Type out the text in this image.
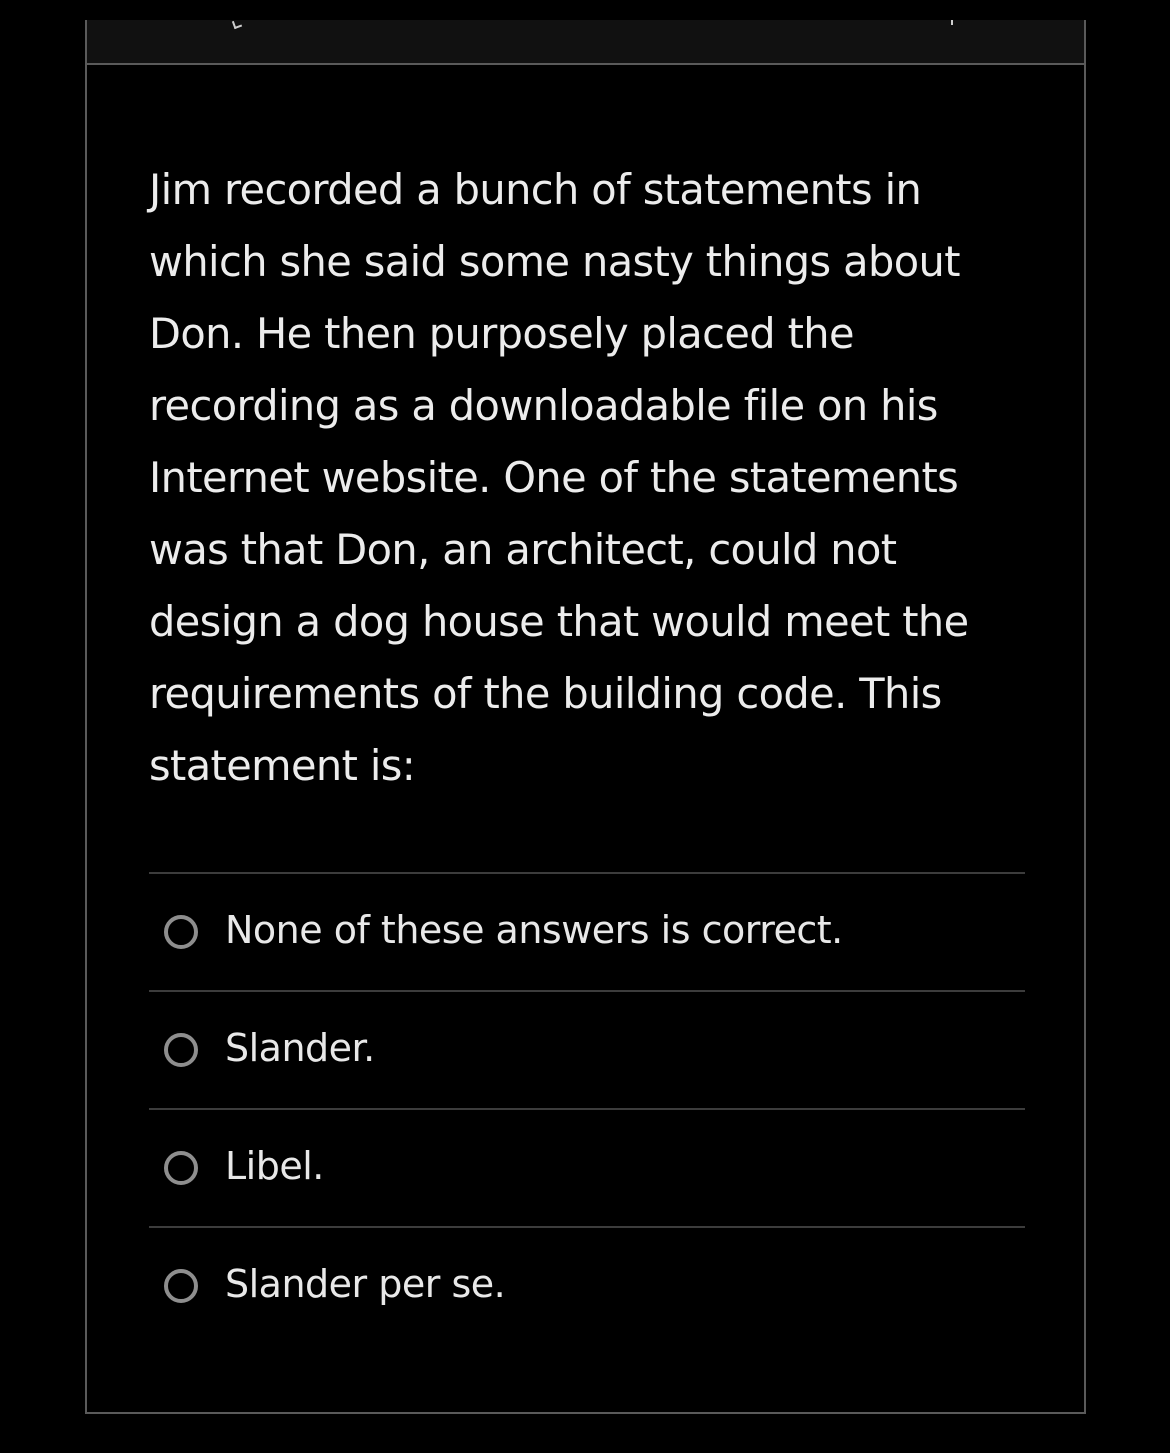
Jim recorded a bunch of statements in which she said some nasty things about Don. He then purposely placed the recording as a downloadable file on his Internet website. One of the statements was that Don, an architect, could not design a dog house that would meet the requirements of the building code. This statement is:

None of these answers is correct.
Slander.
Libel.
Slander per se.
